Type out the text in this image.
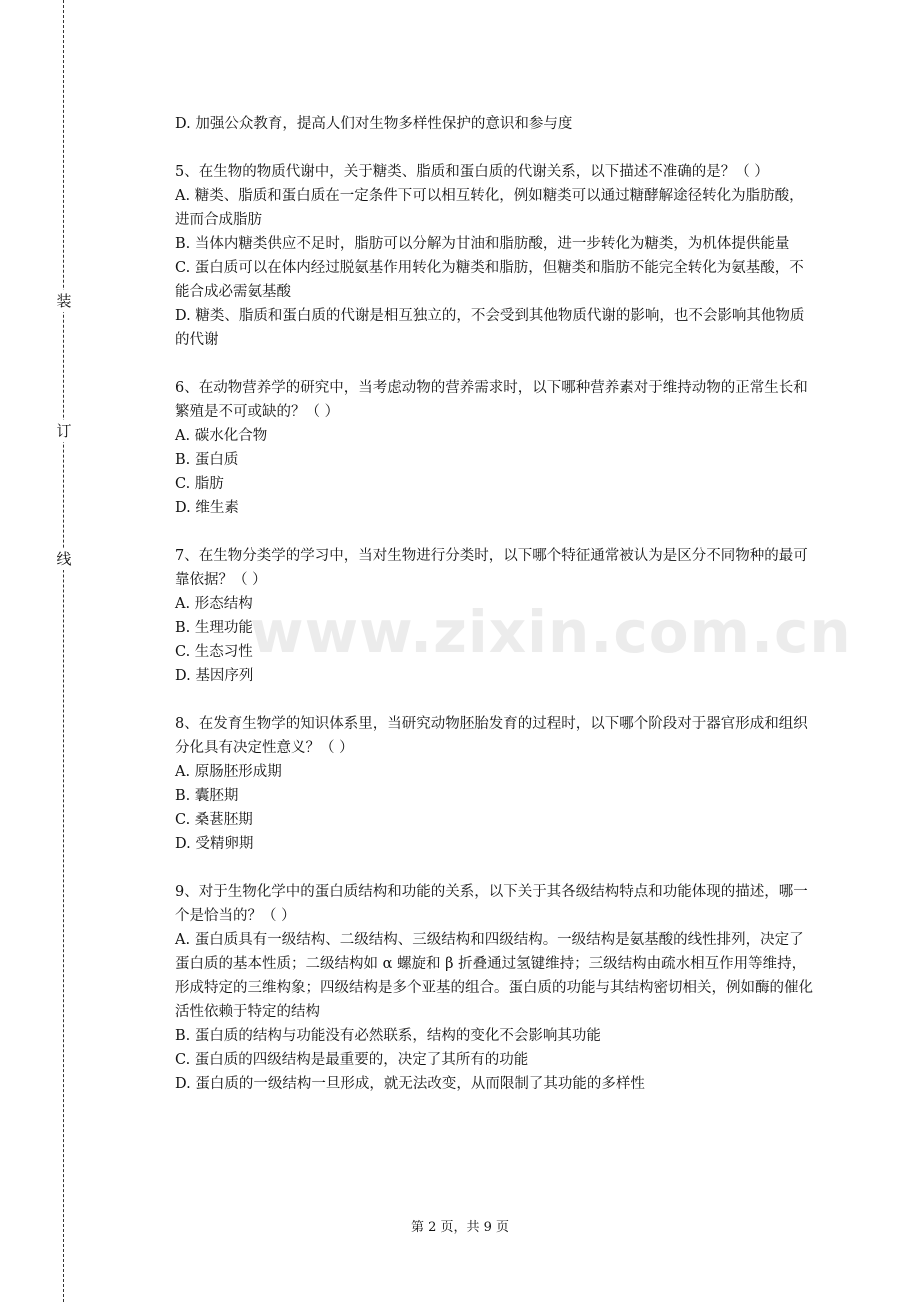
装
订
线

D. 加强公众教育，提高人们对生物多样性保护的意识和参与度

5、在生物的物质代谢中，关于糖类、脂质和蛋白质的代谢关系，以下描述不准确的是？（ ）

A. 糖类、脂质和蛋白质在一定条件下可以相互转化，例如糖类可以通过糖酵解途径转化为脂肪酸，进而合成脂肪

B. 当体内糖类供应不足时，脂肪可以分解为甘油和脂肪酸，进一步转化为糖类，为机体提供能量

C. 蛋白质可以在体内经过脱氨基作用转化为糖类和脂肪，但糖类和脂肪不能完全转化为氨基酸，不能合成必需氨基酸

D. 糖类、脂质和蛋白质的代谢是相互独立的，不会受到其他物质代谢的影响，也不会影响其他物质的代谢

6、在动物营养学的研究中，当考虑动物的营养需求时，以下哪种营养素对于维持动物的正常生长和繁殖是不可或缺的？（ ）

A. 碳水化合物

B. 蛋白质

C. 脂肪

D. 维生素

7、在生物分类学的学习中，当对生物进行分类时，以下哪个特征通常被认为是区分不同物种的最可靠依据？（ ）

A. 形态结构

B. 生理功能

C. 生态习性

D. 基因序列

8、在发育生物学的知识体系里，当研究动物胚胎发育的过程时，以下哪个阶段对于器官形成和组织分化具有决定性意义？（ ）

A. 原肠胚形成期

B. 囊胚期

C. 桑葚胚期

D. 受精卵期

9、对于生物化学中的蛋白质结构和功能的关系，以下关于其各级结构特点和功能体现的描述，哪一个是恰当的？（ ）

A. 蛋白质具有一级结构、二级结构、三级结构和四级结构。一级结构是氨基酸的线性排列，决定了蛋白质的基本性质；二级结构如 α 螺旋和 β 折叠通过氢键维持；三级结构由疏水相互作用等维持，形成特定的三维构象；四级结构是多个亚基的组合。蛋白质的功能与其结构密切相关，例如酶的催化活性依赖于特定的结构

B. 蛋白质的结构与功能没有必然联系，结构的变化不会影响其功能

C. 蛋白质的四级结构是最重要的，决定了其所有的功能

D. 蛋白质的一级结构一旦形成，就无法改变，从而限制了其功能的多样性

www.zixin.com.cn
第 2 页，共 9 页
